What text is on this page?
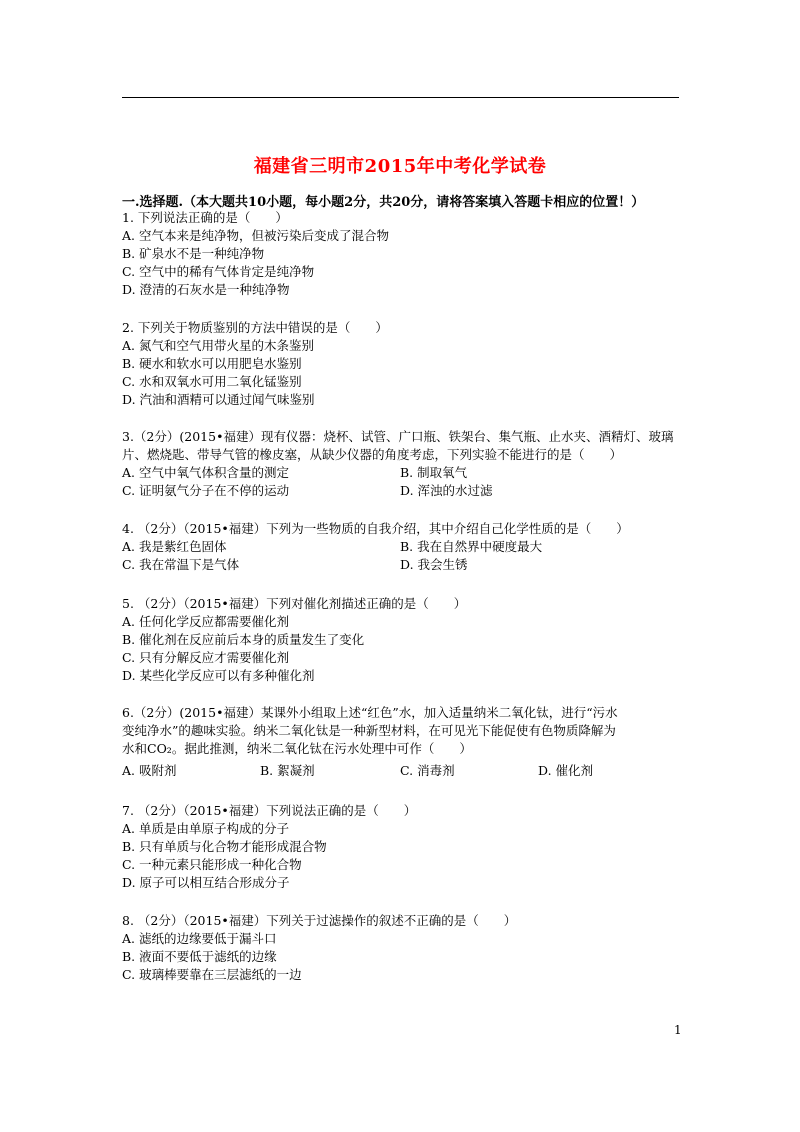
福建省三明市2015年中考化学试卷
一.选择题.（本大题共10小题，每小题2分，共20分，请将答案填入答题卡相应的位置！）
1. 下列说法正确的是（　　）
A. 空气本来是纯净物，但被污染后变成了混合物
B. 矿泉水不是一种纯净物
C. 空气中的稀有气体肯定是纯净物
D. 澄清的石灰水是一种纯净物
2. 下列关于物质鉴别的方法中错误的是（　　）
A. 氮气和空气用带火星的木条鉴别
B. 硬水和软水可以用肥皂水鉴别
C. 水和双氧水可用二氧化锰鉴别
D. 汽油和酒精可以通过闻气味鉴别
3.（2分）(2015•福建）现有仪器：烧杯、试管、广口瓶、铁架台、集气瓶、止水夹、酒精灯、玻璃
片、燃烧匙、带导气管的橡皮塞，从缺少仪器的角度考虑，下列实验不能进行的是（　　）
A. 空气中氧气体积含量的测定	B. 制取氧气
C. 证明氨气分子在不停的运动	D. 浑浊的水过滤
4. （2分）（2015•福建）下列为一些物质的自我介绍，其中介绍自己化学性质的是（　　）
A. 我是紫红色固体	B. 我在自然界中硬度最大
C. 我在常温下是气体	D. 我会生锈
5. （2分）（2015•福建）下列对催化剂描述正确的是（　　）
A. 任何化学反应都需要催化剂
B. 催化剂在反应前后本身的质量发生了变化
C. 只有分解反应才需要催化剂
D. 某些化学反应可以有多种催化剂
6.（2分）(2015•福建）某课外小组取上述“红色”水，加入适量纳米二氧化钛，进行“污水
变纯净水”的趣味实验。纳米二氧化钛是一种新型材料，在可见光下能促使有色物质降解为
水和CO₂。据此推测，纳米二氧化钛在污水处理中可作（　　）
A. 吸附剂	B. 絮凝剂	C. 消毒剂	D. 催化剂
7. （2分）（2015•福建）下列说法正确的是（　　）
A. 单质是由单原子构成的分子
B. 只有单质与化合物才能形成混合物
C. 一种元素只能形成一种化合物
D. 原子可以相互结合形成分子
8. （2分）（2015•福建）下列关于过滤操作的叙述不正确的是（　　）
A. 滤纸的边缘要低于漏斗口
B. 液面不要低于滤纸的边缘
C. 玻璃棒要靠在三层滤纸的一边
1
